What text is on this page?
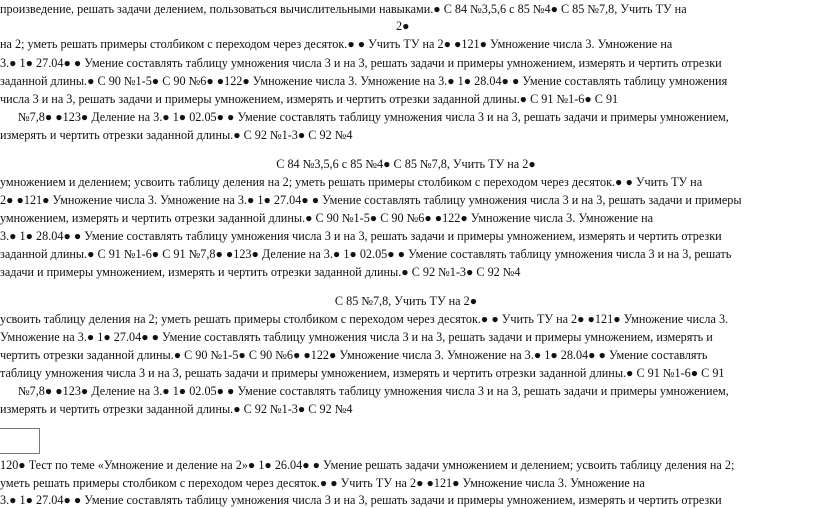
произведение, решать задачи делением, пользоваться вычислительными навыками.● С 84 №3,5,6 с 85 №4● С 85 №7,8, Учить ТУ на
2●
на 2; уметь решать примеры столбиком с переходом через десяток.● ● Учить ТУ на 2● ●121● Умножение числа 3. Умножение на
3.● 1● 27.04● ● Умение составлять таблицу умножения числа 3 и на 3, решать задачи и примеры умножением, измерять и чертить отрезки
заданной длины.● С 90 №1-5● С 90 №6● ●122● Умножение числа 3. Умножение на 3.● 1● 28.04● ● Умение составлять таблицу умножения
числа 3 и на 3, решать задачи и примеры умножением, измерять и чертить отрезки заданной длины.● С 91 №1-6● С 91
№7,8● ●123● Деление на 3.● 1● 02.05● ● Умение составлять таблицу умножения числа 3 и на 3, решать задачи и примеры умножением,
измерять и чертить отрезки заданной длины.● С 92 №1-3● С 92 №4
С 84 №3,5,6 с 85 №4● С 85 №7,8, Учить ТУ на 2●
умножением и делением; усвоить таблицу деления на 2; уметь решать примеры столбиком с переходом через десяток.● ● Учить ТУ на
2● ●121● Умножение числа 3. Умножение на 3.● 1● 27.04● ● Умение составлять таблицу умножения числа 3 и на 3, решать задачи и примеры
умножением, измерять и чертить отрезки заданной длины.● С 90 №1-5● С 90 №6● ●122● Умножение числа 3. Умножение на
3.● 1● 28.04● ● Умение составлять таблицу умножения числа 3 и на 3, решать задачи и примеры умножением, измерять и чертить отрезки
заданной длины.● С 91 №1-6● С 91 №7,8● ●123● Деление на 3.● 1● 02.05● ● Умение составлять таблицу умножения числа 3 и на 3, решать
задачи и примеры умножением, измерять и чертить отрезки заданной длины.● С 92 №1-3● С 92 №4
С 85 №7,8, Учить ТУ на 2●
усвоить таблицу деления на 2; уметь решать примеры столбиком с переходом через десяток.● ● Учить ТУ на 2● ●121● Умножение числа 3.
Умножение на 3.● 1● 27.04● ● Умение составлять таблицу умножения числа 3 и на 3, решать задачи и примеры умножением, измерять и
чертить отрезки заданной длины.● С 90 №1-5● С 90 №6● ●122● Умножение числа 3. Умножение на 3.● 1● 28.04● ● Умение составлять
таблицу умножения числа 3 и на 3, решать задачи и примеры умножением, измерять и чертить отрезки заданной длины.● С 91 №1-6● С 91
№7,8● ●123● Деление на 3.● 1● 02.05● ● Умение составлять таблицу умножения числа 3 и на 3, решать задачи и примеры умножением,
измерять и чертить отрезки заданной длины.● С 92 №1-3● С 92 №4
120● Тест по теме «Умножение и деление на 2»● 1● 26.04● ● Умение решать задачи умножением и делением; усвоить таблицу деления на 2;
уметь решать примеры столбиком с переходом через десяток.● ● Учить ТУ на 2● ●121● Умножение числа 3. Умножение на
3.● 1● 27.04● ● Умение составлять таблицу умножения числа 3 и на 3, решать задачи и примеры умножением, измерять и чертить отрезки
